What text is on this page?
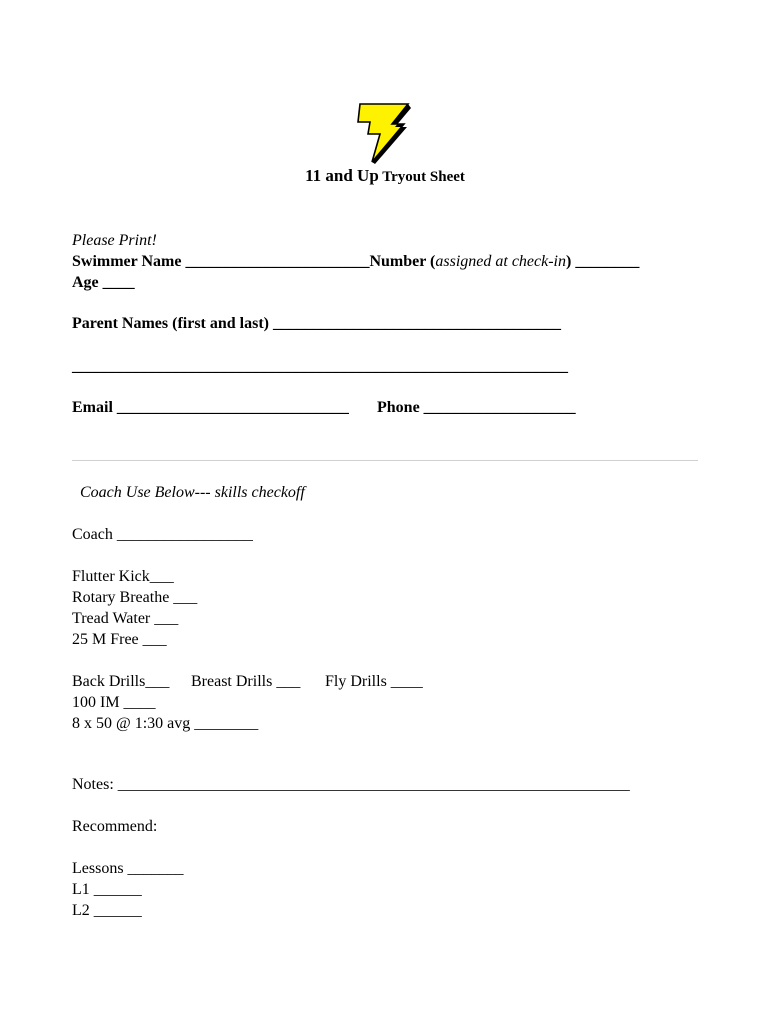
11 and Up Tryout Sheet
Please Print!
Swimmer Name _______________________Number (assigned at check-in) ________
Age ____
Parent Names (first and last) ____________________________________
______________________________________________________________
Email _____________________________ Phone ___________________
Coach Use Below--- skills checkoff
Coach _________________
Flutter Kick___
Rotary Breathe ___
Tread Water ___
25 M Free ___
Back Drills___ Breast Drills ___ Fly Drills ____
100 IM ____
8 x 50 @ 1:30 avg ________
Notes: ________________________________________________________________
Recommend:
Lessons _______
L1 ______
L2 ______
